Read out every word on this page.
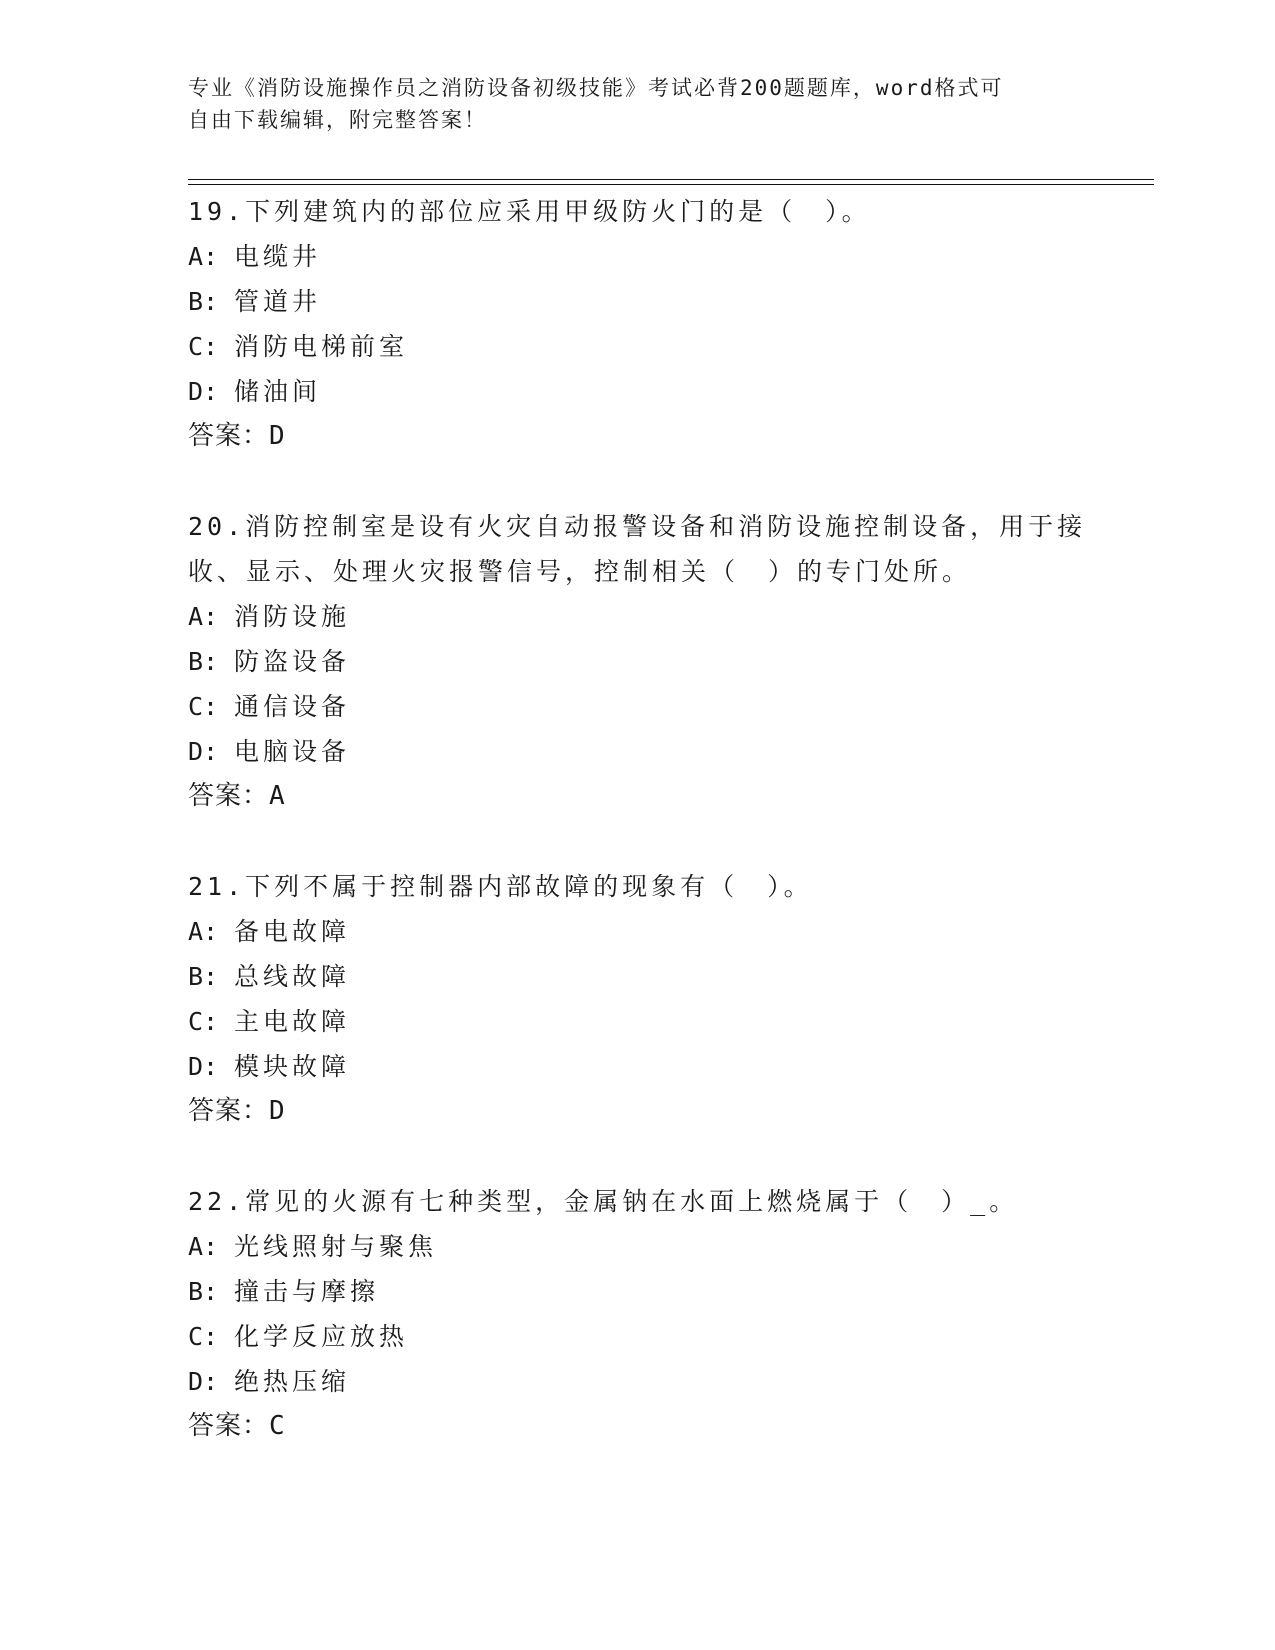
专业《消防设施操作员之消防设备初级技能》考试必背200题题库，word格式可
自由下载编辑，附完整答案！

19.下列建筑内的部位应采用甲级防火门的是（　）。

A: 电缆井

B: 管道井

C: 消防电梯前室

D: 储油间

答案：D

20.消防控制室是设有火灾自动报警设备和消防设施控制设备，用于接收、显示、处理火灾报警信号，控制相关（　）的专门处所。

A: 消防设施

B: 防盗设备

C: 通信设备

D: 电脑设备

答案：A

21.下列不属于控制器内部故障的现象有（　）。

A: 备电故障

B: 总线故障

C: 主电故障

D: 模块故障

答案：D

22.常见的火源有七种类型，金属钠在水面上燃烧属于（　）_。

A: 光线照射与聚焦

B: 撞击与摩擦

C: 化学反应放热

D: 绝热压缩

答案：C
